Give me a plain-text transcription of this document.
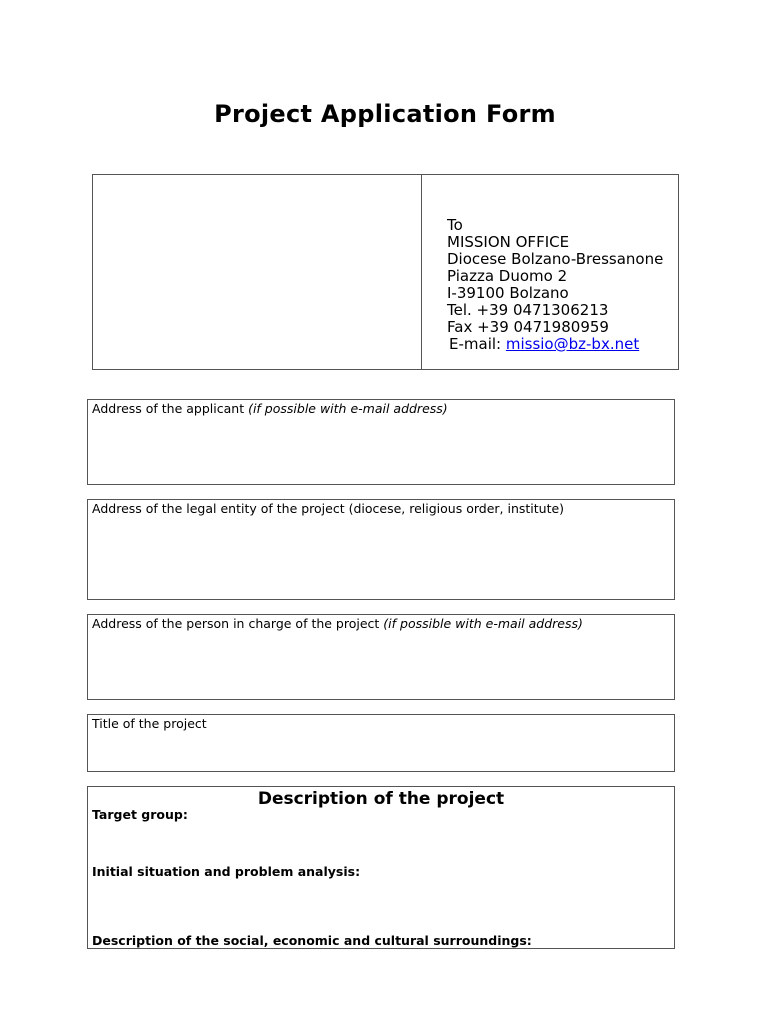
Project Application Form
To
MISSION OFFICE
Diocese Bolzano-Bressanone
Piazza Duomo 2
I-39100 Bolzano
Tel. +39 0471306213
Fax +39 0471980959
E-mail: missio@bz-bx.net
Address of the applicant (if possible with e-mail address)
Address of the legal entity of the project (diocese, religious order, institute)
Address of the person in charge of the project (if possible with e-mail address)
Title of the project
Description of the project
Target group:
Initial situation and problem analysis:
Description of the social, economic and cultural surroundings:
